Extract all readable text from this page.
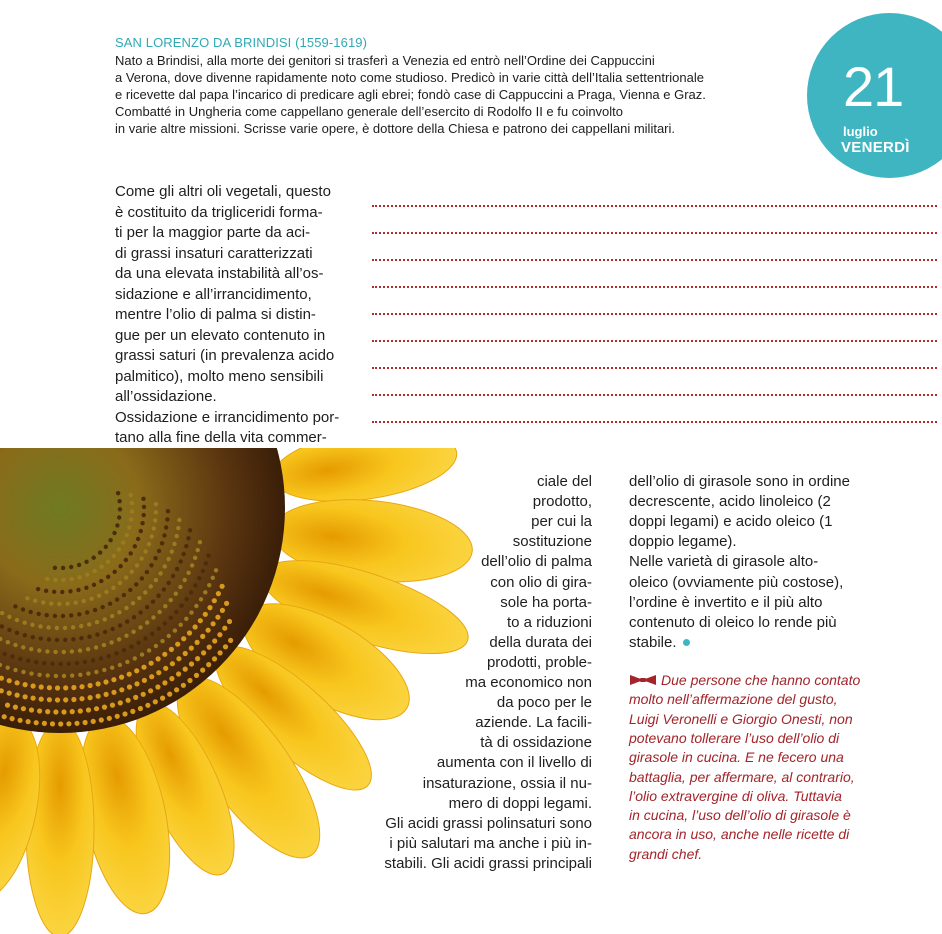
SAN LORENZO DA BRINDISI (1559-1619)
Nato a Brindisi, alla morte dei genitori si trasferì a Venezia ed entrò nell’Ordine dei Cappuccini
a Verona, dove divenne rapidamente noto come studioso. Predicò in varie città dell’Italia settentrionale
e ricevette dal papa l’incarico di predicare agli ebrei; fondò case di Cappuccini a Praga, Vienna e Graz.
Combatté in Ungheria come cappellano generale dell’esercito di Rodolfo II e fu coinvolto
in varie altre missioni. Scrisse varie opere, è dottore della Chiesa e patrono dei cappellani militari.
21
luglio
VENERDÌ
Come gli altri oli vegetali, questo
è costituito da trigliceridi forma-
ti per la maggior parte da aci-
di grassi insaturi caratterizzati
da una elevata instabilità all’os-
sidazione e all’irrancidimento,
mentre l’olio di palma si distin-
gue per un elevato contenuto in
grassi saturi (in prevalenza acido
palmitico), molto meno sensibili
all’ossidazione.
Ossidazione e irrancidimento por-
tano alla fine della vita commer-
ciale del
prodotto,
per cui la
sostituzione
dell’olio di palma
con olio di gira-
sole ha porta-
to a riduzioni
della durata dei
prodotti, proble-
ma economico non
da poco per le
aziende. La facili-
tà di ossidazione
aumenta con il livello di
insaturazione, ossia il nu-
mero di doppi legami.
Gli acidi grassi polinsaturi sono
i più salutari ma anche i più in-
stabili. Gli acidi grassi principali
dell’olio di girasole sono in ordine
decrescente, acido linoleico (2
doppi legami) e acido oleico (1
doppio legame).
Nelle varietà di girasole alto-
oleico (ovviamente più costose),
l’ordine è invertito e il più alto
contenuto di oleico lo rende più
stabile.
Due persone che hanno contato
molto nell’affermazione del gusto,
Luigi Veronelli e Giorgio Onesti, non
potevano tollerare l’uso dell’olio di
girasole in cucina. E ne fecero una
battaglia, per affermare, al contrario,
l’olio extravergine di oliva. Tuttavia
in cucina, l’uso dell’olio di girasole è
ancora in uso, anche nelle ricette di
grandi chef.
